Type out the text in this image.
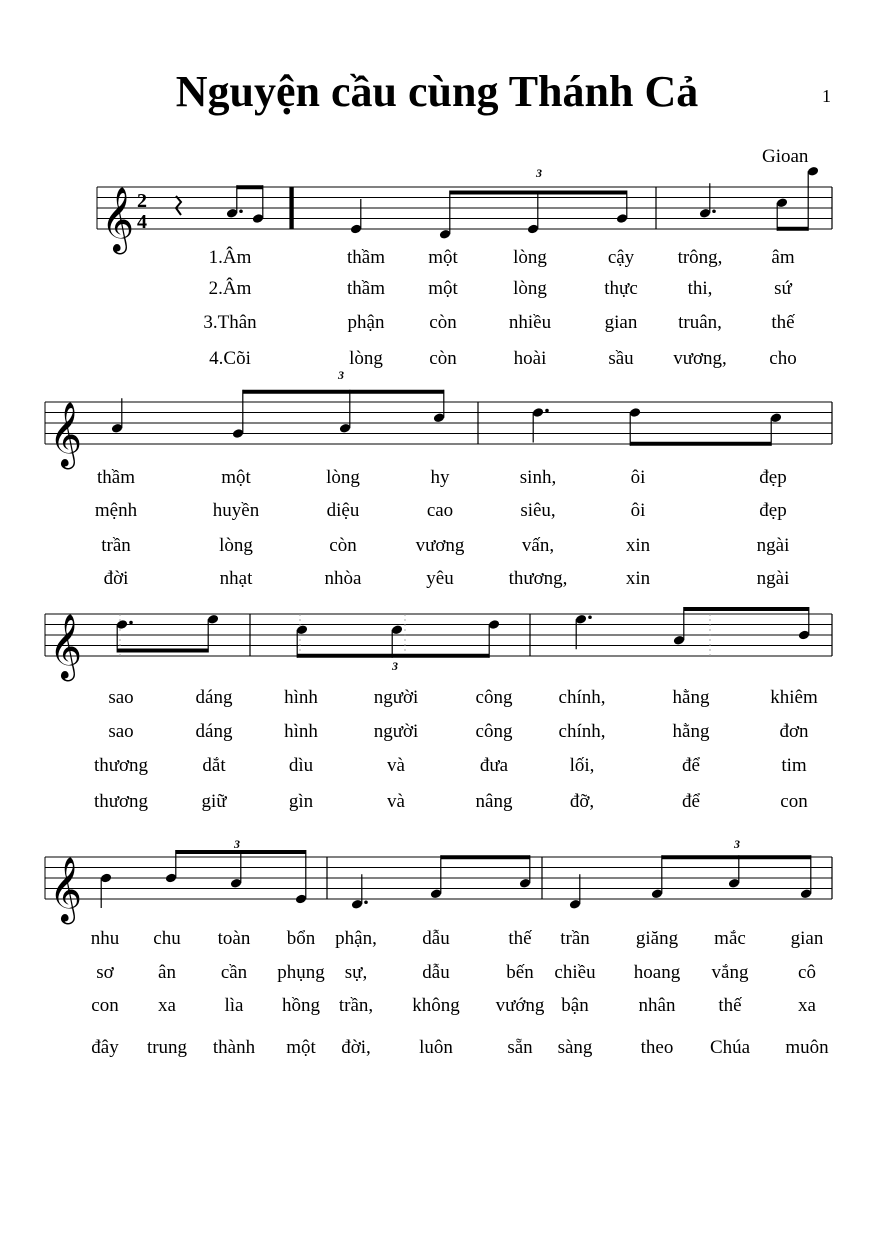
Nguyện cầu cùng Thánh Cả	1
Gioan
𝄞 2
4
3
𝄞
3
𝄞	3
𝄞
3	3
1.Âm	thầm một	lòng	cậy trông,	âm
2.Âm	thầm một	lòng	thực	thi,	sứ
3.Thân	phận còn	nhiều	gian truân,	thế
4.Cõi	lòng còn	hoài	sầu vương, cho
thầm	một	lòng	hy	sinh,	ôi	đẹp
mệnh	huyền	diệu	cao	siêu,	ôi	đẹp
trần	lòng	còn	vương	vấn,	xin	ngài
đời	nhạt	nhòa	yêu	thương,	xin	ngài
sao	dáng	hình	người	công chính,	hằng	khiêm
sao	dáng	hình	người	công chính,	hằng	đơn
thương	dắt	dìu	và	đưa	lối,	để	tim
thương	giữ	gìn	và	nâng	đỡ,	để	con
nhu chu toàn bổn phận, dẫu	thế trần giăng mắc gian
sơ ân cần phụng sự,	dẫu	bến chiều hoang vắng	cô
con xa	lìa hồng trần, không vướng bận	nhân thế	xa
đây trung thành một đời,	luôn	sẵn sàng	theo Chúa muôn
